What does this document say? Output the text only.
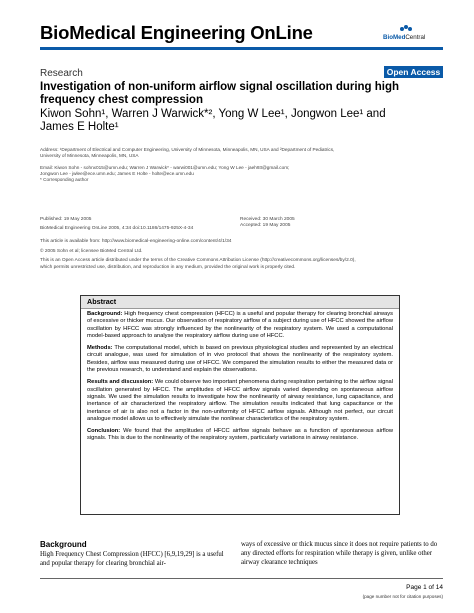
BioMedical Engineering OnLine	BioMedCentral
Research	Open Access
Investigation of non-uniform airflow signal oscillation during high frequency chest compression
Kiwon Sohn¹, Warren J Warwick*², Yong W Lee¹, Jongwon Lee¹ and James E Holte¹
Address: ¹Department of Electrical and Computer Engineering, University of Minnesota, Minneapolis, MN, USA and ²Department of Pediatrics,
University of Minnesota, Minneapolis, MN, USA
Email: Kiwon Sohn - sohnx015@umn.edu; Warren J Warwick* - warwi001@umn.edu; Yong W Lee - jaeh93@gmail.com;
Jongwon Lee - jwlee@ece.umn.edu; James E Holte - holte@ece.umn.edu
* Corresponding author
Published: 19 May 2005
BioMedical Engineering OnLine 2005, 4:34 doi:10.1186/1475-925X-4-34
Received: 30 March 2005
Accepted: 19 May 2005
This article is available from: http://www.biomedical-engineering-online.com/content/4/1/34
© 2005 Sohn et al; licensee BioMed Central Ltd.
This is an Open Access article distributed under the terms of the Creative Commons Attribution License (http://creativecommons.org/licenses/by/2.0),
which permits unrestricted use, distribution, and reproduction in any medium, provided the original work is properly cited.
Abstract

Background: High frequency chest compression (HFCC) is a useful and popular therapy for clearing bronchial airways of excessive or thicker mucus. Our observation of respiratory airflow of a subject during use of HFCC showed the airflow oscillation by HFCC was strongly influenced by the nonlinearity of the respiratory system. We used a computational model-based approach to analyse the respiratory airflow during use of HFCC.

Methods: The computational model, which is based on previous physiological studies and represented by an electrical circuit analogue, was used for simulation of in vivo protocol that shows the nonlinearity of the respiratory system. Besides, airflow was measured during use of HFCC. We compared the simulation results to either the measured data or the previous research, to understand and explain the observations.

Results and discussion: We could observe two important phenomena during respiration pertaining to the airflow signal oscillation generated by HFCC. The amplitudes of HFCC airflow signals varied depending on spontaneous airflow signals. We used the simulation results to investigate how the nonlinearity of airway resistance, lung capacitance, and inertance of air characterized the respiratory airflow. The simulation results indicated that lung capacitance or the inertance of air is also not a factor in the non-uniformity of HFCC airflow signals. Although not perfect, our circuit analogue model allows us to effectively simulate the nonlinear characteristics of the respiratory system.

Conclusion: We found that the amplitudes of HFCC airflow signals behave as a function of spontaneous airflow signals. This is due to the nonlinearity of the respiratory system, particularly variations in airway resistance.

Background
High Frequency Chest Compression (HFCC) [6,9,19,29] is a useful and popular therapy for clearing bronchial air-
ways of excessive or thick mucus since it does not require patients to do any directed efforts for respiration while therapy is given, unlike other airway clearance techniques
Page 1 of 14
(page number not for citation purposes)
